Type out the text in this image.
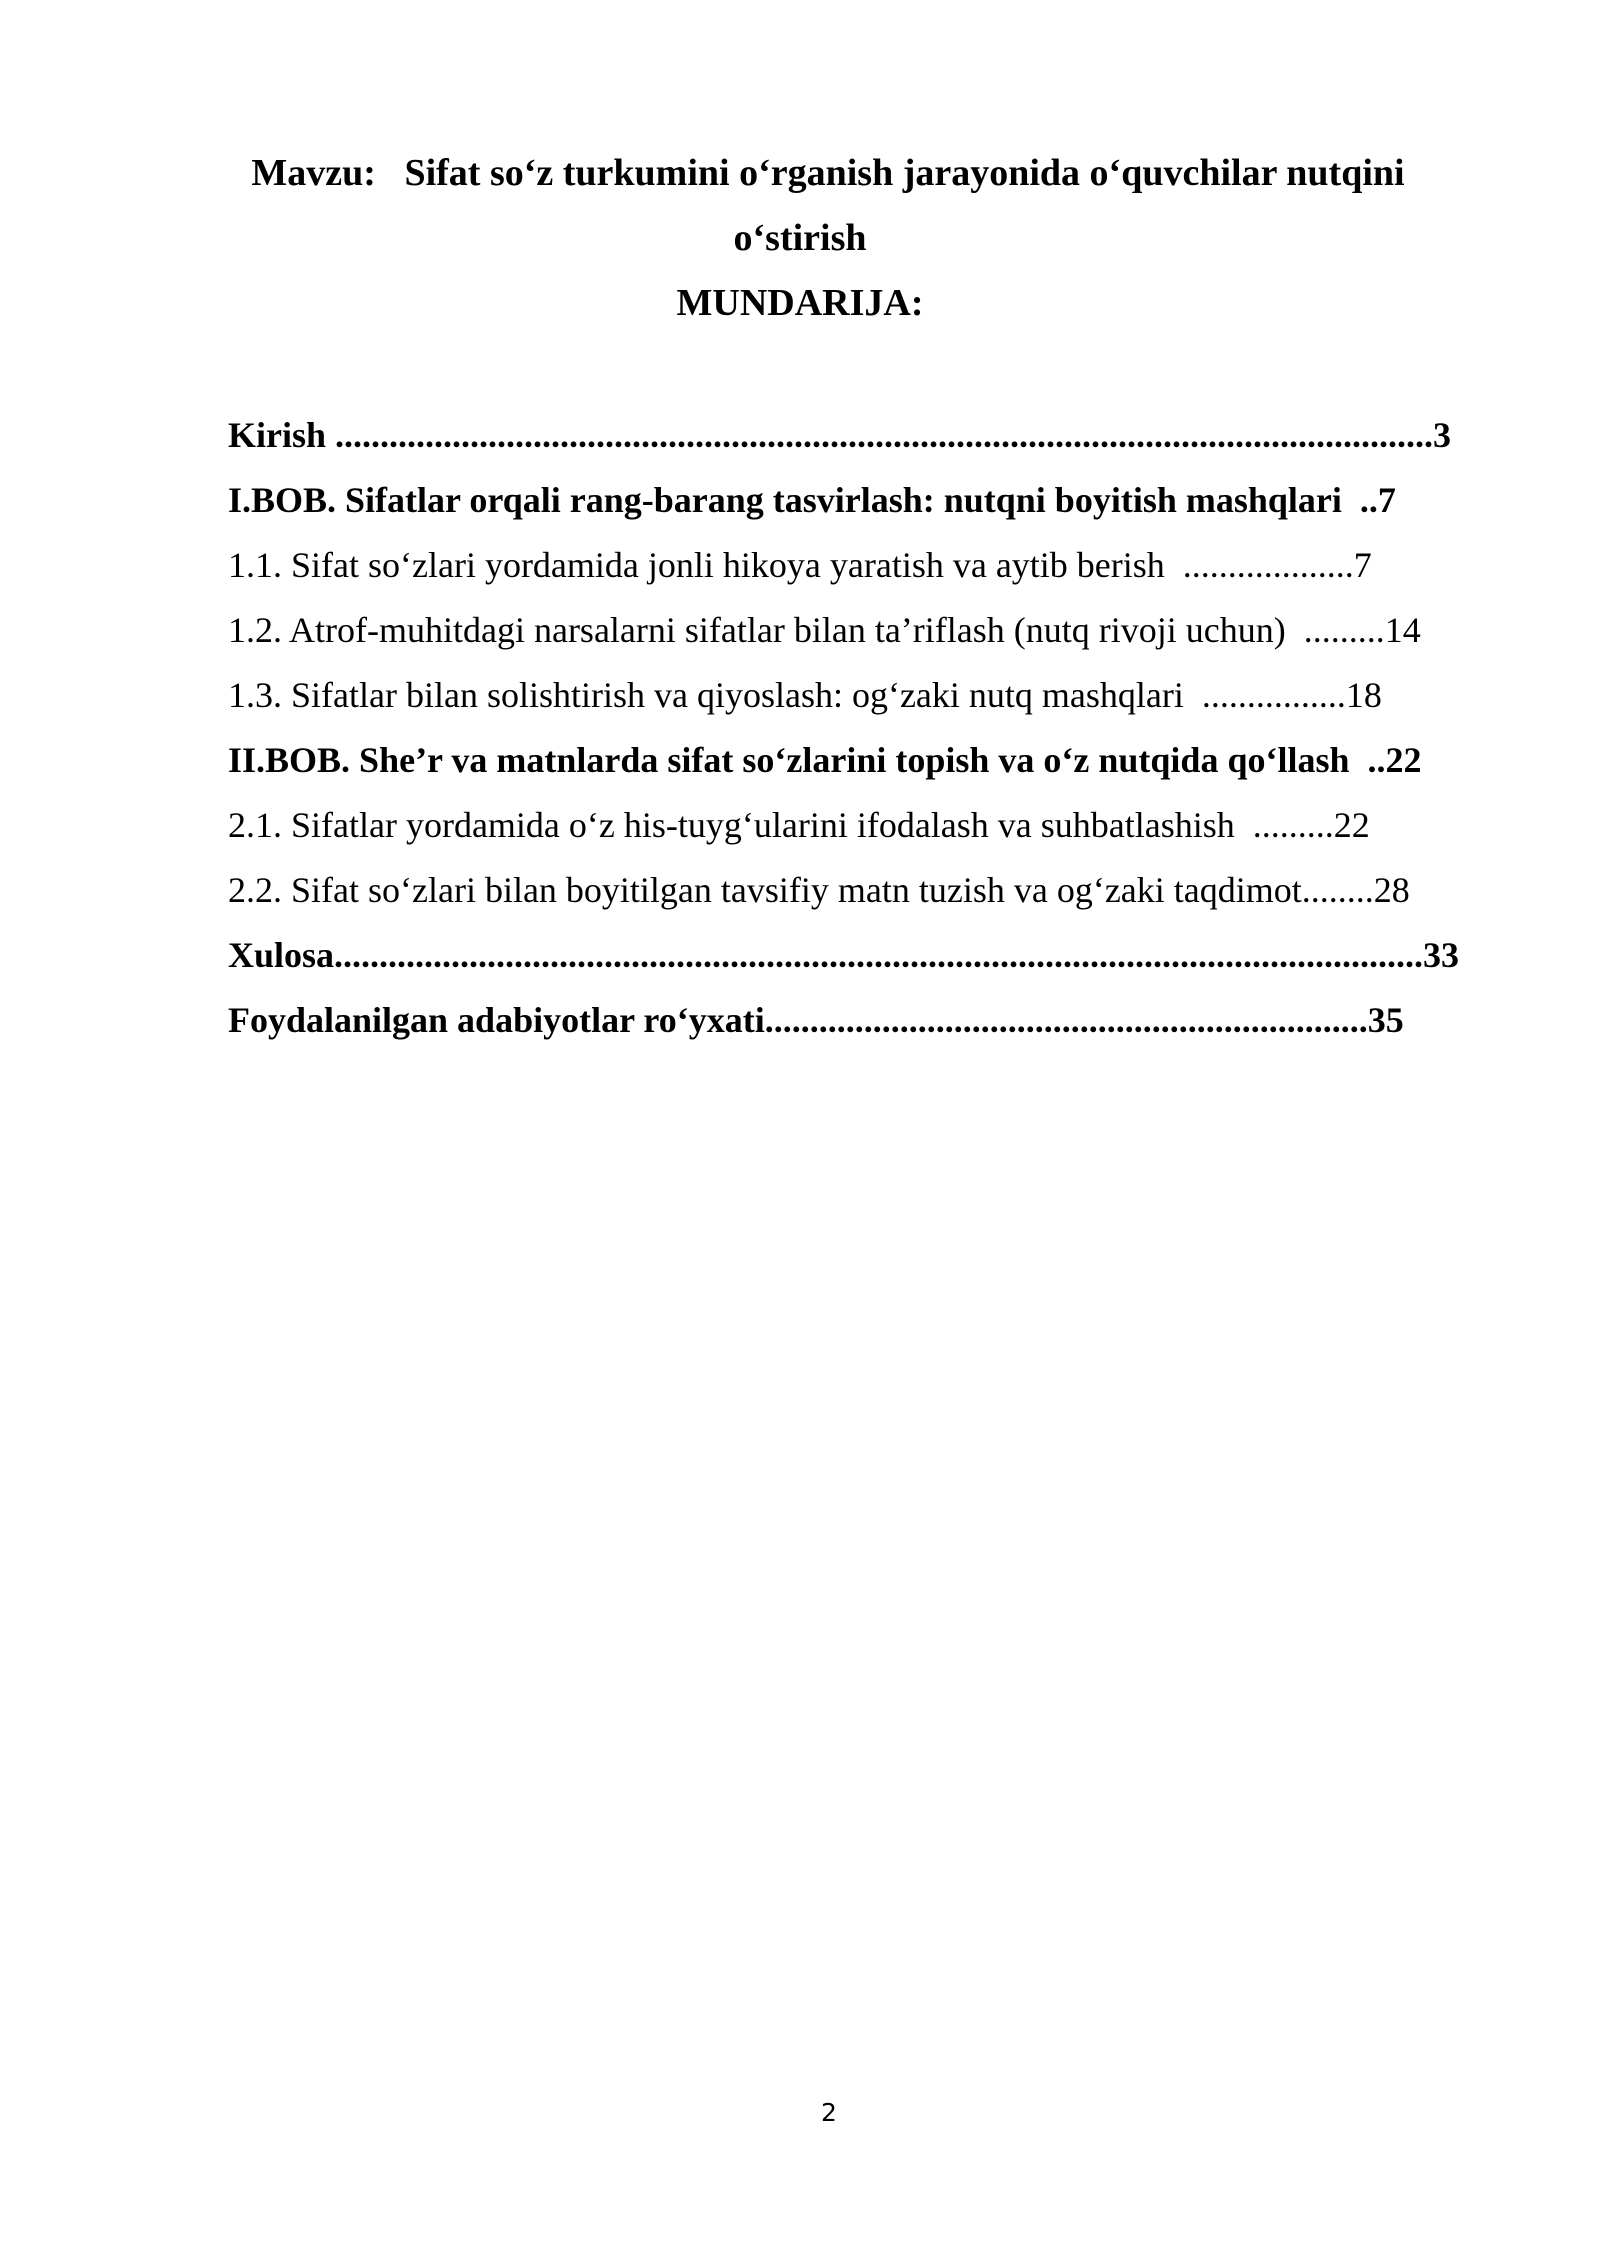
Mavzu:   Sifat so‘z turkumini o‘rganish jarayonida o‘quvchilar nutqini
o‘stirish
MUNDARIJA:
Kirish ..........................................................................................................................3
I.BOB. Sifatlar orqali rang-barang tasvirlash: nutqni boyitish mashqlari  ..7
1.1. Sifat so‘zlari yordamida jonli hikoya yaratish va aytib berish  ...................7
1.2. Atrof-muhitdagi narsalarni sifatlar bilan ta’riflash (nutq rivoji uchun)  .........14
1.3. Sifatlar bilan solishtirish va qiyoslash: og‘zaki nutq mashqlari  ................18
II.BOB. She’r va matnlarda sifat so‘zlarini topish va o‘z nutqida qo‘llash  ..22
2.1. Sifatlar yordamida o‘z his-tuyg‘ularini ifodalash va suhbatlashish  .........22
2.2. Sifat so‘zlari bilan boyitilgan tavsifiy matn tuzish va og‘zaki taqdimot........28
Xulosa.........................................................................................................................33
Foydalanilgan adabiyotlar ro‘yxati...................................................................35
2
